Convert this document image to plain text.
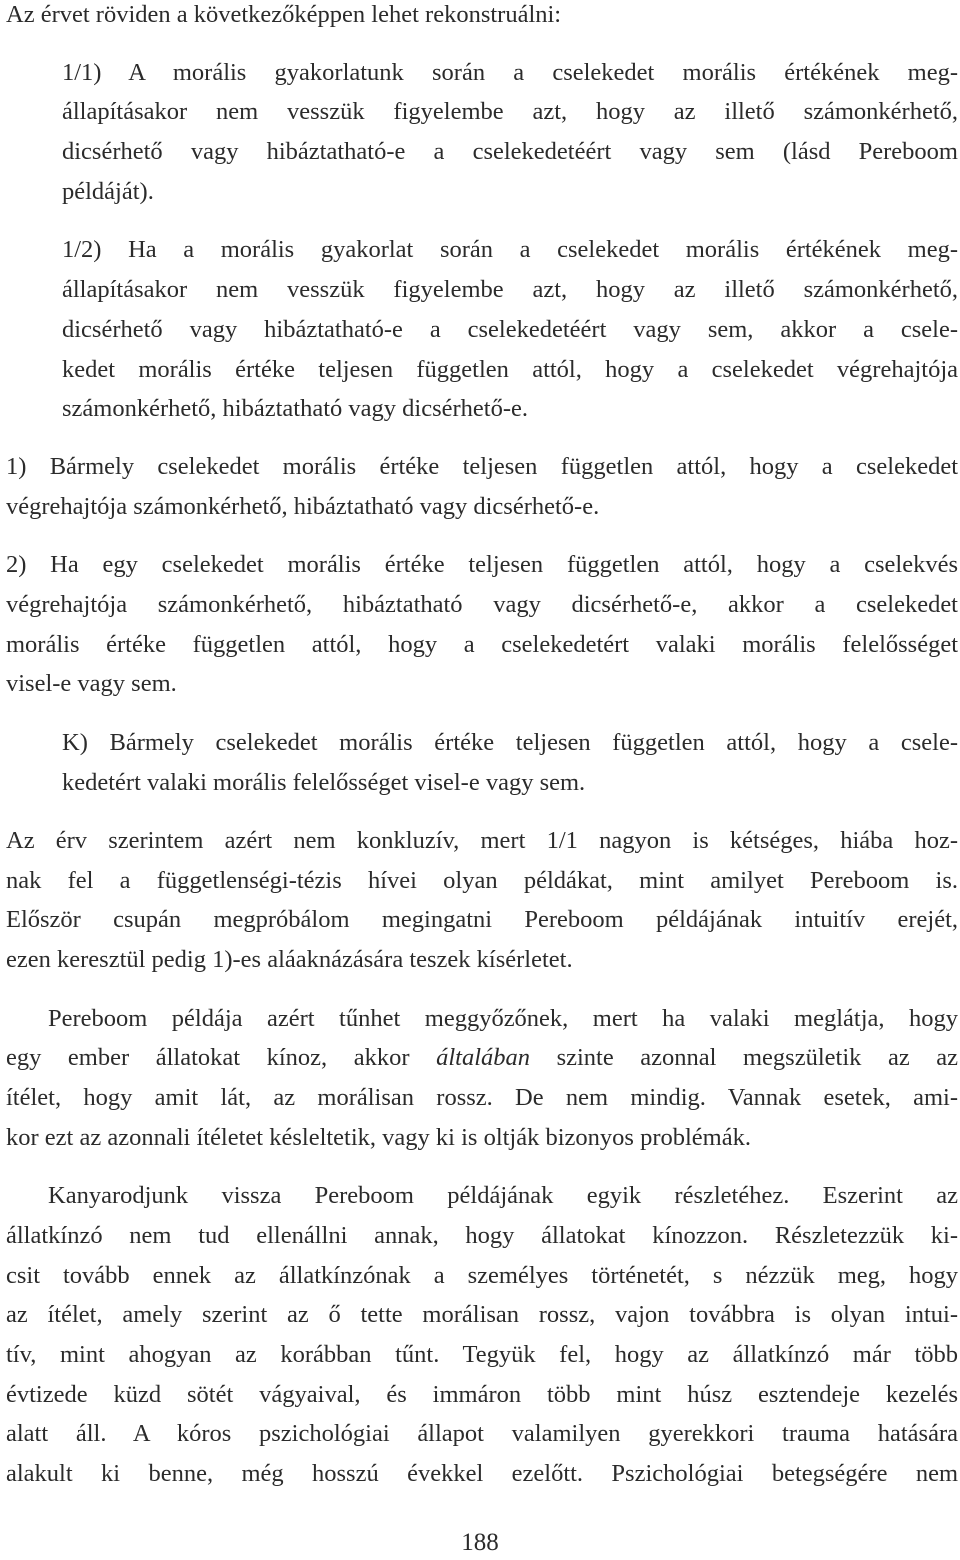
Az érvet röviden a következőképpen lehet rekonstruálni:
1/1) A morális gyakorlatunk során a cselekedet morális értékének meg-
állapításakor nem vesszük figyelembe azt, hogy az illető számonkérhető,
dicsérhető vagy hibáztatható-e a cselekedetéért vagy sem (lásd Pereboom
példáját).
1/2) Ha a morális gyakorlat során a cselekedet morális értékének meg-
állapításakor nem vesszük figyelembe azt, hogy az illető számonkérhető,
dicsérhető vagy hibáztatható-e a cselekedetéért vagy sem, akkor a csele-
kedet morális értéke teljesen független attól, hogy a cselekedet végrehajtója
számonkérhető, hibáztatható vagy dicsérhető-e.
1) Bármely cselekedet morális értéke teljesen független attól, hogy a cselekedet
végrehajtója számonkérhető, hibáztatható vagy dicsérhető-e.
2) Ha egy cselekedet morális értéke teljesen független attól, hogy a cselekvés
végrehajtója számonkérhető, hibáztatható vagy dicsérhető-e, akkor a cselekedet
morális értéke független attól, hogy a cselekedetért valaki morális felelősséget
visel-e vagy sem.
K) Bármely cselekedet morális értéke teljesen független attól, hogy a csele-
kedetért valaki morális felelősséget visel-e vagy sem.
Az érv szerintem azért nem konkluzív, mert 1/1 nagyon is kétséges, hiába hoz-
nak fel a függetlenségi-tézis hívei olyan példákat, mint amilyet Pereboom is.
Először csupán megpróbálom megingatni Pereboom példájának intuitív erejét,
ezen keresztül pedig 1)-es aláaknázására teszek kísérletet.
Pereboom példája azért tűnhet meggyőzőnek, mert ha valaki meglátja, hogy
egy ember állatokat kínoz, akkor általában szinte azonnal megszületik az az
ítélet, hogy amit lát, az morálisan rossz. De nem mindig. Vannak esetek, ami-
kor ezt az azonnali ítéletet késleltetik, vagy ki is oltják bizonyos problémák.
Kanyarodjunk vissza Pereboom példájának egyik részletéhez. Eszerint az
állatkínzó nem tud ellenállni annak, hogy állatokat kínozzon. Részletezzük ki-
csit tovább ennek az állatkínzónak a személyes történetét, s nézzük meg, hogy
az ítélet, amely szerint az ő tette morálisan rossz, vajon továbbra is olyan intui-
tív, mint ahogyan az korábban tűnt. Tegyük fel, hogy az állatkínzó már több
évtizede küzd sötét vágyaival, és immáron több mint húsz esztendeje kezelés
alatt áll. A kóros pszichológiai állapot valamilyen gyerekkori trauma hatására
alakult ki benne, még hosszú évekkel ezelőtt. Pszichológiai betegségére nem
188
